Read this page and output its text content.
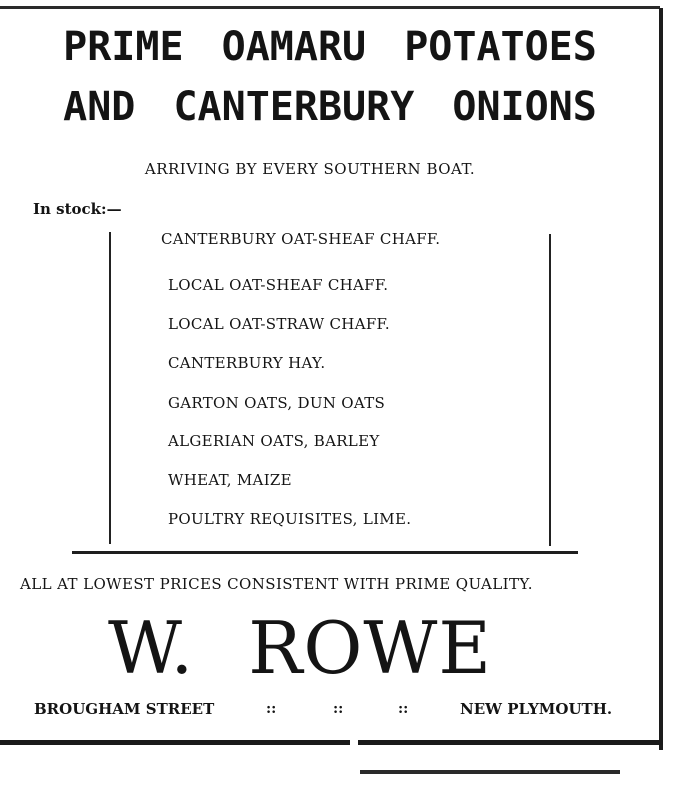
PRIME OAMARU POTATOES
AND CANTERBURY ONIONS
ARRIVING BY EVERY SOUTHERN BOAT.
In stock:—
CANTERBURY OAT-SHEAF CHAFF.
LOCAL OAT-SHEAF CHAFF.
LOCAL OAT-STRAW CHAFF.
CANTERBURY HAY.
GARTON OATS, DUN OATS
ALGERIAN OATS, BARLEY
WHEAT, MAIZE
POULTRY REQUISITES, LIME.
ALL AT LOWEST PRICES CONSISTENT WITH PRIME QUALITY.
W. ROWE
BROUGHAM STREET	::	::	::	NEW PLYMOUTH.
